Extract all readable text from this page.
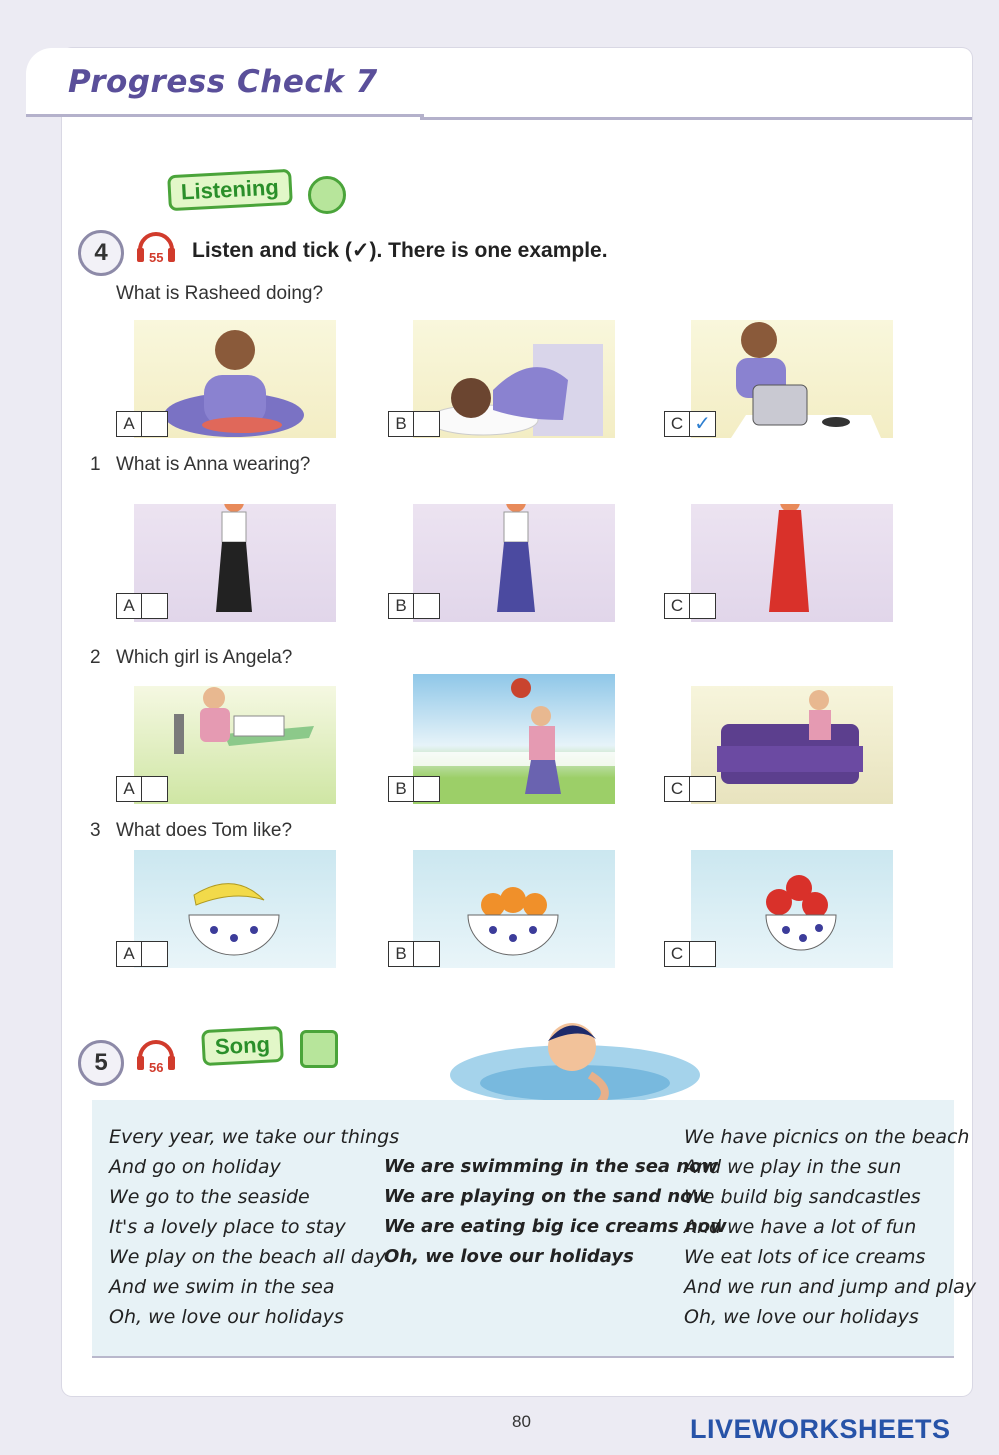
Progress Check 7
Listening
4	55 Listen and tick (✓). There is one example.
What is Rasheed doing?
A	B	C ✓
1 What is Anna wearing?
A	B	C
2 Which girl is Angela?
A	B	C
3 What does Tom like?
A	B	C
5	56
Song
Every year, we take our things
And go on holiday
We go to the seaside
It's a lovely place to stay
We play on the beach all day
And we swim in the sea
Oh, we love our holidays
We are swimming in the sea now
We are playing on the sand now
We are eating big ice creams now
Oh, we love our holidays
We have picnics on the beach
And we play in the sun
We build big sandcastles
And we have a lot of fun
We eat lots of ice creams
And we run and jump and play
Oh, we love our holidays
80	LIVEWORKSHEETS
